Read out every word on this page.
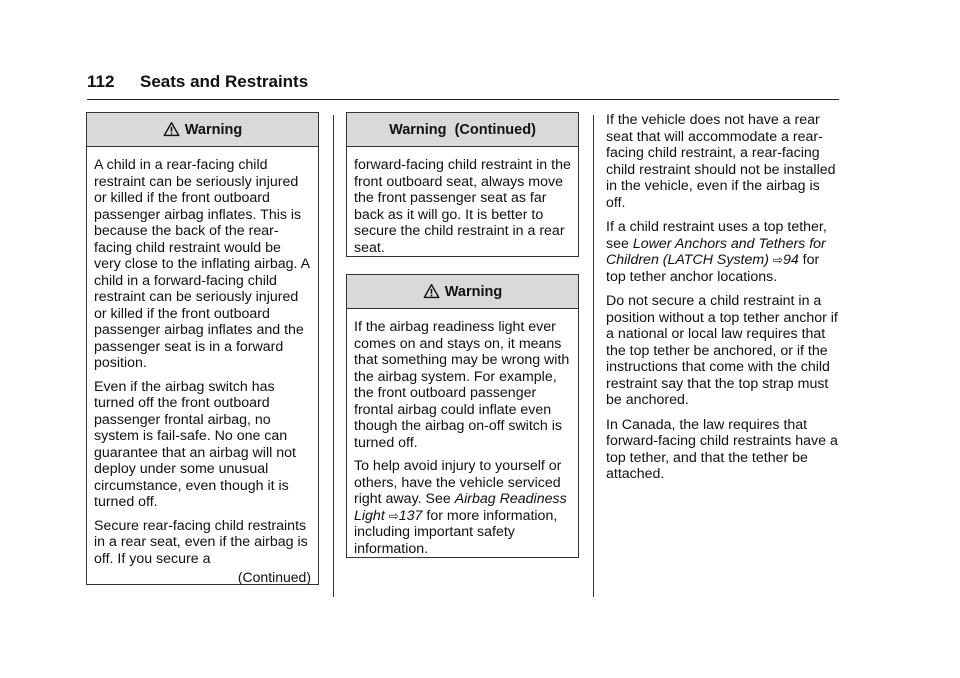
112 Seats and Restraints
Warning

A child in a rear-facing child restraint can be seriously injured or killed if the front outboard passenger airbag inflates. This is because the back of the rear-facing child restraint would be very close to the inflating airbag. A child in a forward-facing child restraint can be seriously injured or killed if the front outboard passenger airbag inflates and the passenger seat is in a forward position.

Even if the airbag switch has turned off the front outboard passenger frontal airbag, no system is fail-safe. No one can guarantee that an airbag will not deploy under some unusual circumstance, even though it is turned off.

Secure rear-facing child restraints in a rear seat, even if the airbag is off. If you secure a

(Continued)
Warning  (Continued)

forward-facing child restraint in the front outboard seat, always move the front passenger seat as far back as it will go. It is better to secure the child restraint in a rear seat.

Warning

If the airbag readiness light ever comes on and stays on, it means that something may be wrong with the airbag system. For example, the front outboard passenger frontal airbag could inflate even though the airbag on-off switch is turned off.

To help avoid injury to yourself or others, have the vehicle serviced right away. See Airbag Readiness Light ⇨137 for more information, including important safety information.

If the vehicle does not have a rear seat that will accommodate a rear-facing child restraint, a rear-facing child restraint should not be installed in the vehicle, even if the airbag is off.

If a child restraint uses a top tether, see Lower Anchors and Tethers for Children (LATCH System) ⇨94 for top tether anchor locations.

Do not secure a child restraint in a position without a top tether anchor if a national or local law requires that the top tether be anchored, or if the instructions that come with the child restraint say that the top strap must be anchored.

In Canada, the law requires that forward-facing child restraints have a top tether, and that the tether be attached.
